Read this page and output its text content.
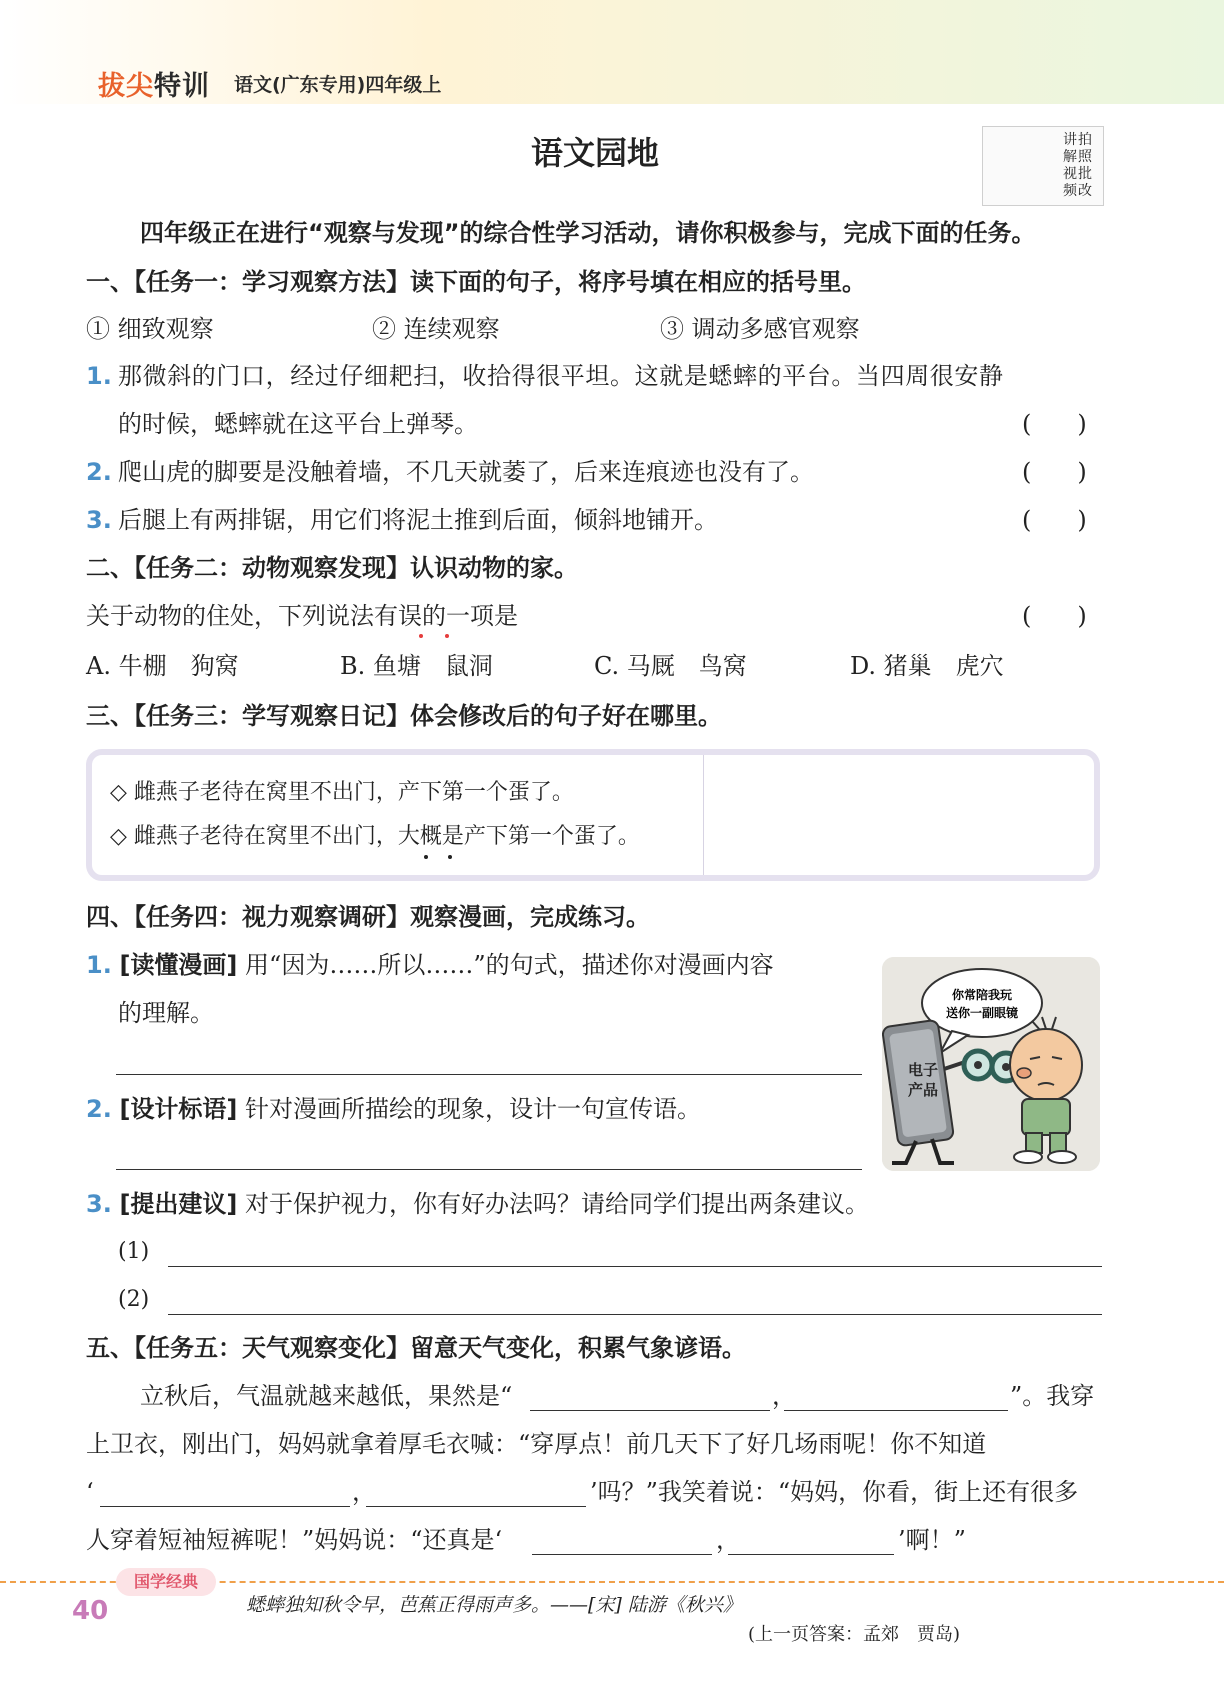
拔尖特训 语文(广东专用)四年级上
语文园地	讲拍
解照
视批
频改
四年级正在进行“观察与发现”的综合性学习活动，请你积极参与，完成下面的任务。
一、【任务一：学习观察方法】读下面的句子，将序号填在相应的括号里。
① 细致观察	② 连续观察	③ 调动多感官观察
1. 那微斜的门口，经过仔细耙扫，收拾得很平坦。这就是蟋蟀的平台。当四周很安静
的时候，蟋蟀就在这平台上弹琴。	( )
2. 爬山虎的脚要是没触着墙，不几天就萎了，后来连痕迹也没有了。	( )
3. 后腿上有两排锯，用它们将泥土推到后面，倾斜地铺开。	( )
二、【任务二：动物观察发现】认识动物的家。
关于动物的住处，下列说法有误的一项是	( )
A. 牛棚　狗窝	B. 鱼塘　鼠洞	C. 马厩　鸟窝	D. 猪巢　虎穴
三、【任务三：学写观察日记】体会修改后的句子好在哪里。
◇ 雌燕子老待在窝里不出门，产下第一个蛋了。
◇ 雌燕子老待在窝里不出门，大概是产下第一个蛋了。
四、【任务四：视力观察调研】观察漫画，完成练习。
1. [读懂漫画] 用“因为……所以……”的句式，描述你对漫画内容
的理解。
2. [设计标语] 针对漫画所描绘的现象，设计一句宣传语。
3. [提出建议] 对于保护视力，你有好办法吗？请给同学们提出两条建议。
(1)
(2)
你常陪我玩
送你一副眼镜
电子
产品
五、【任务五：天气观察变化】留意天气变化，积累气象谚语。
立秋后，气温就越来越低，果然是“	，	”。我穿
上卫衣，刚出门，妈妈就拿着厚毛衣喊：“穿厚点！前几天下了好几场雨呢！你不知道
‘	，	’吗？”我笑着说：“妈妈，你看，街上还有很多
人穿着短袖短裤呢！”妈妈说：“还真是‘	，	’啊！”
国学经典
40	蟋蟀独知秋令早，芭蕉正得雨声多。——[宋] 陆游《秋兴》
(上一页答案：孟郊　贾岛)
